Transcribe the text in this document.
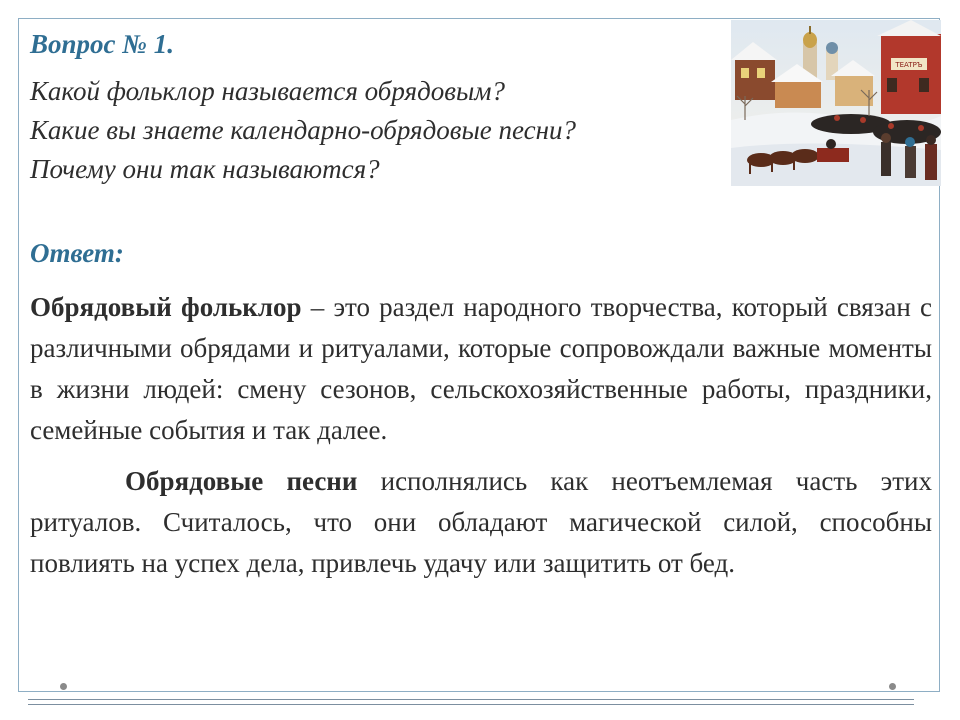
TEATPЪ
Вопрос № 1.
Какой фольклор называется обрядовым?
Какие вы знаете календарно-обрядовые песни?
Почему они так называются?
Ответ:
Обрядовый фольклор – это раздел народного творчества, который связан с различными обрядами и ритуалами, которые сопровождали важные моменты в жизни людей: смену сезонов, сельскохозяйственные работы, праздники, семейные события и так далее.
Обрядовые песни исполнялись как неотъемлемая часть этих ритуалов. Считалось, что они обладают магической силой, способны повлиять на успех дела, привлечь удачу или защитить от бед.
